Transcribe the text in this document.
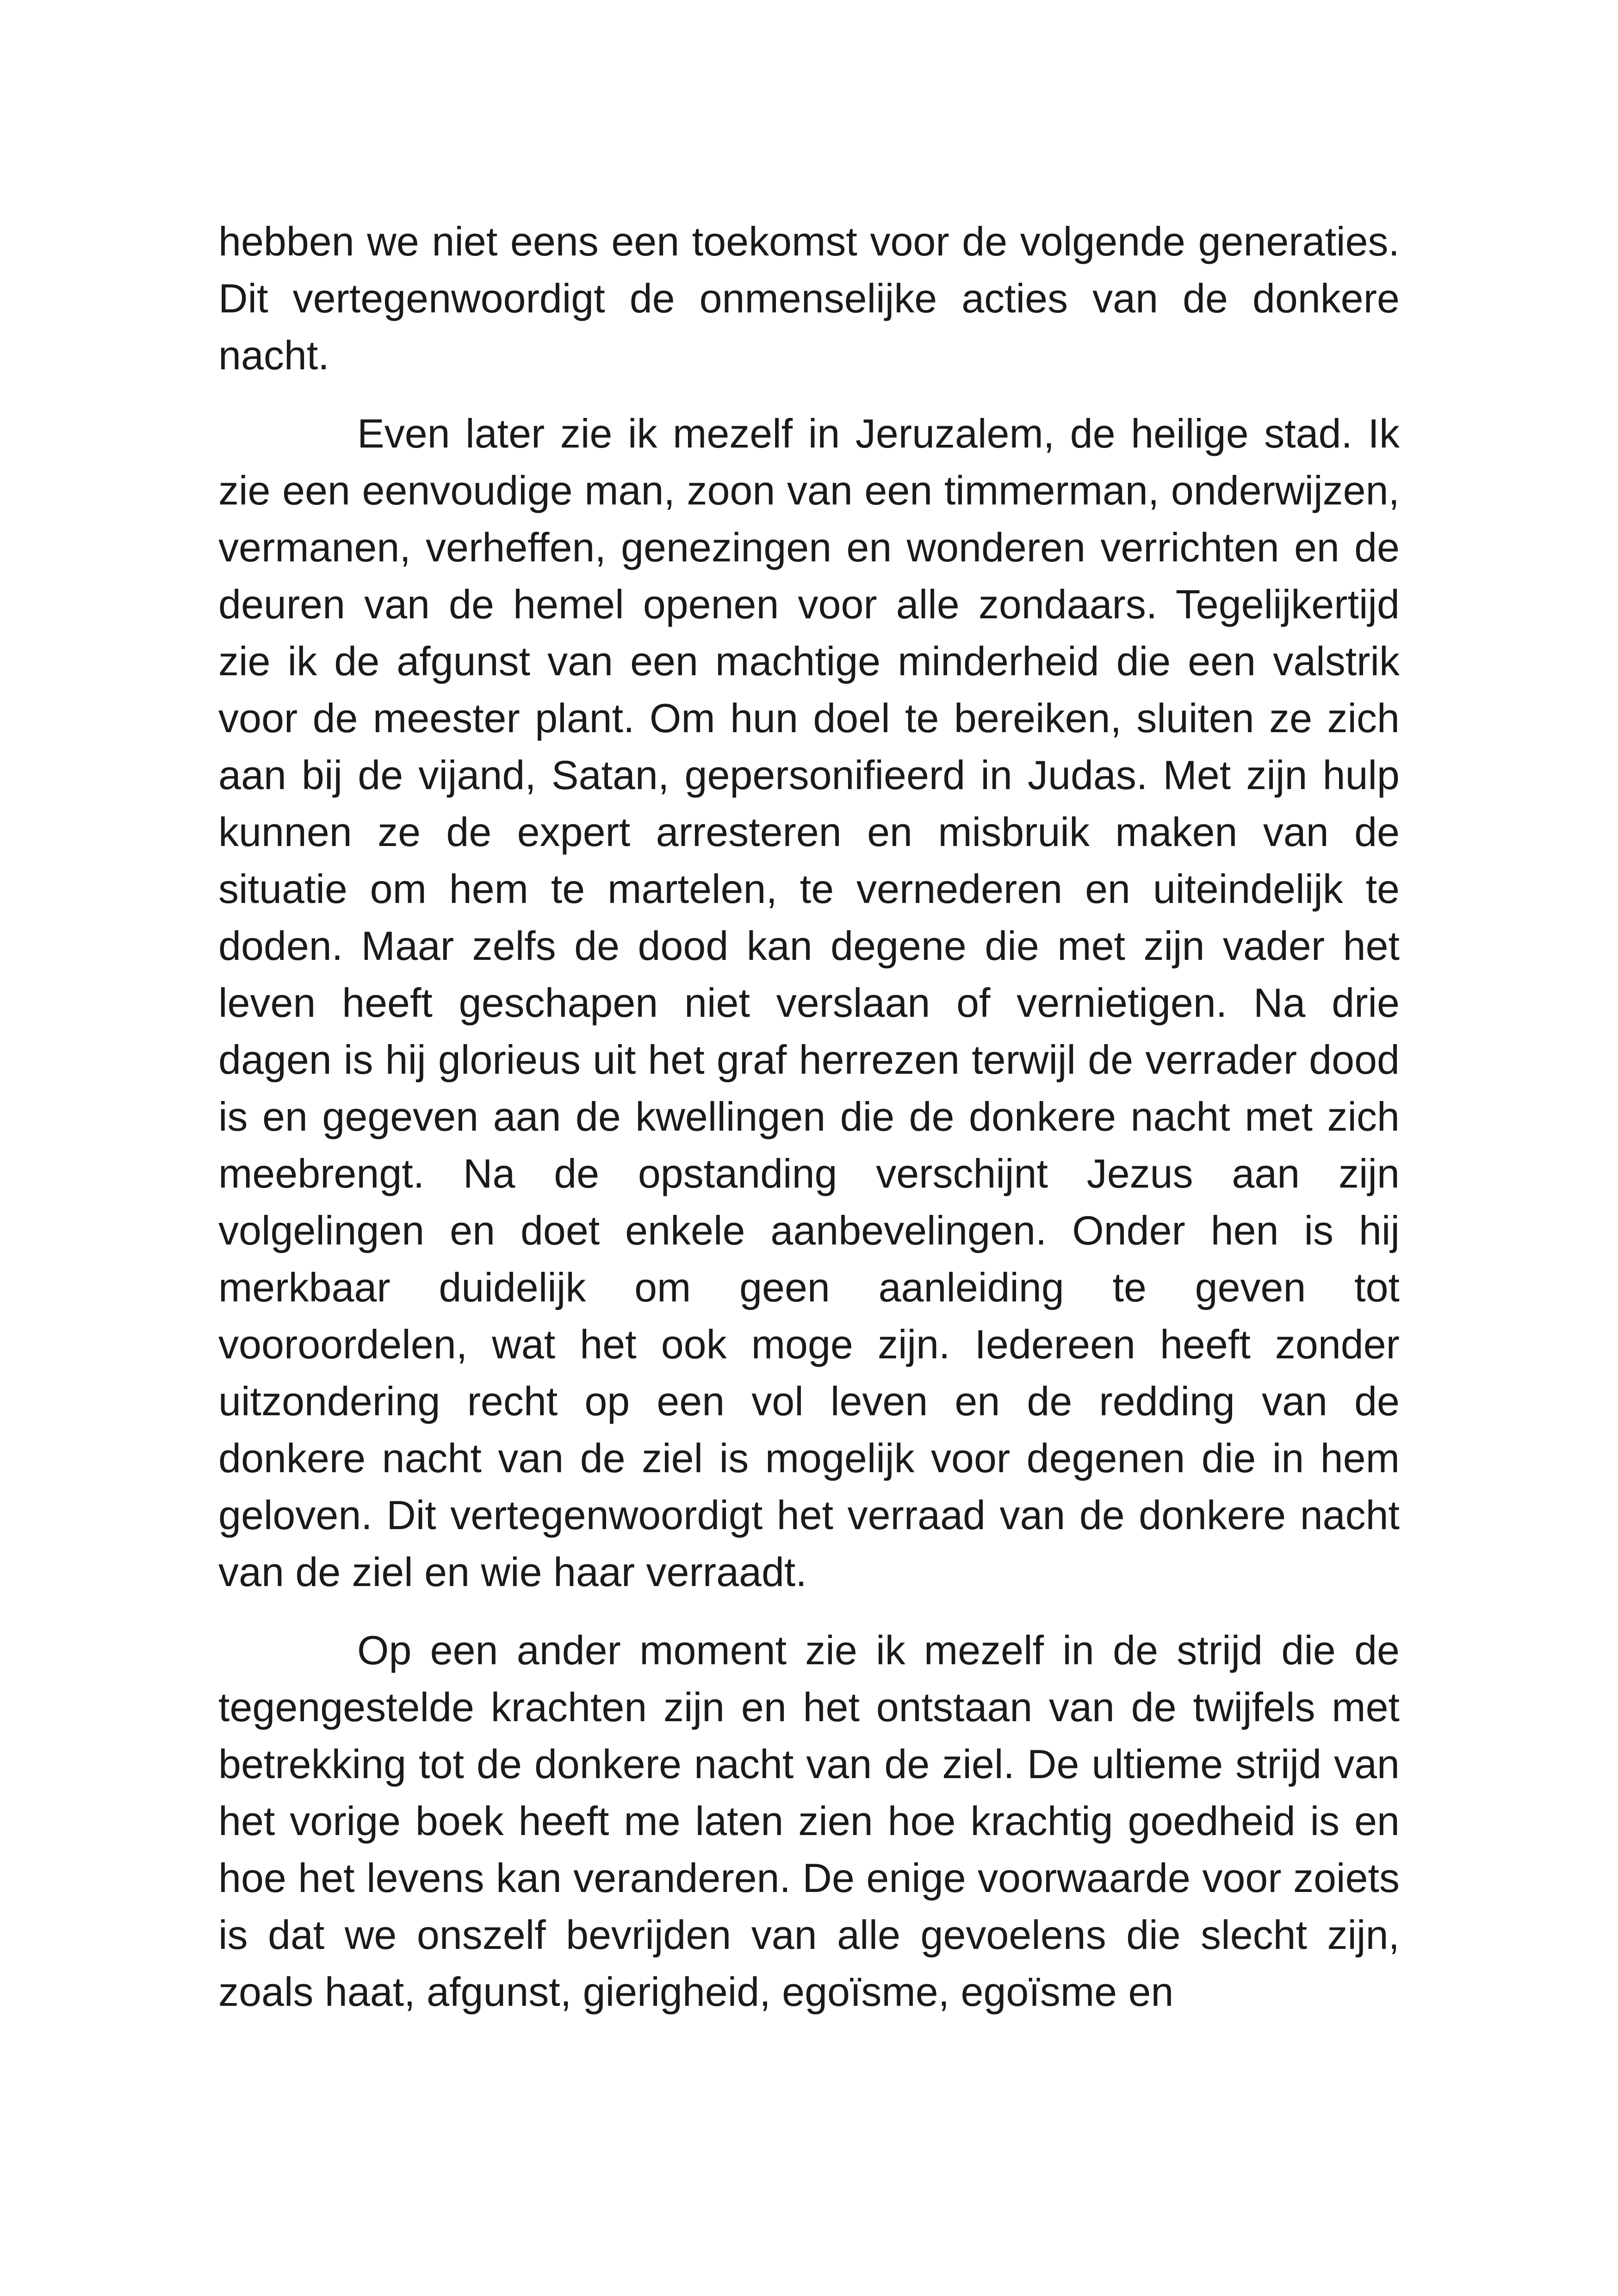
hebben we niet eens een toekomst voor de volgende generaties. Dit vertegenwoordigt de onmenselijke acties van de donkere nacht.

Even later zie ik mezelf in Jeruzalem, de heilige stad. Ik zie een eenvoudige man, zoon van een timmerman, onderwijzen, vermanen, verheffen, genezingen en wonderen verrichten en de deuren van de hemel openen voor alle zondaars. Tegelijkertijd zie ik de afgunst van een machtige minderheid die een valstrik voor de meester plant. Om hun doel te bereiken, sluiten ze zich aan bij de vijand, Satan, gepersonifieerd in Judas. Met zijn hulp kunnen ze de expert arresteren en misbruik maken van de situatie om hem te martelen, te vernederen en uiteindelijk te doden. Maar zelfs de dood kan degene die met zijn vader het leven heeft geschapen niet verslaan of vernietigen. Na drie dagen is hij glorieus uit het graf herrezen terwijl de verrader dood is en gegeven aan de kwellingen die de donkere nacht met zich meebrengt. Na de opstanding verschijnt Jezus aan zijn volgelingen en doet enkele aanbevelingen. Onder hen is hij merkbaar duidelijk om geen aanleiding te geven tot vooroordelen, wat het ook moge zijn. Iedereen heeft zonder uitzondering recht op een vol leven en de redding van de donkere nacht van de ziel is mogelijk voor degenen die in hem geloven. Dit vertegenwoordigt het verraad van de donkere nacht van de ziel en wie haar verraadt.

Op een ander moment zie ik mezelf in de strijd die de tegengestelde krachten zijn en het ontstaan van de twijfels met betrekking tot de donkere nacht van de ziel. De ultieme strijd van het vorige boek heeft me laten zien hoe krachtig goedheid is en hoe het levens kan veranderen. De enige voorwaarde voor zoiets is dat we onszelf bevrijden van alle gevoelens die slecht zijn, zoals haat, afgunst, gierigheid, egoïsme, egoïsme en
